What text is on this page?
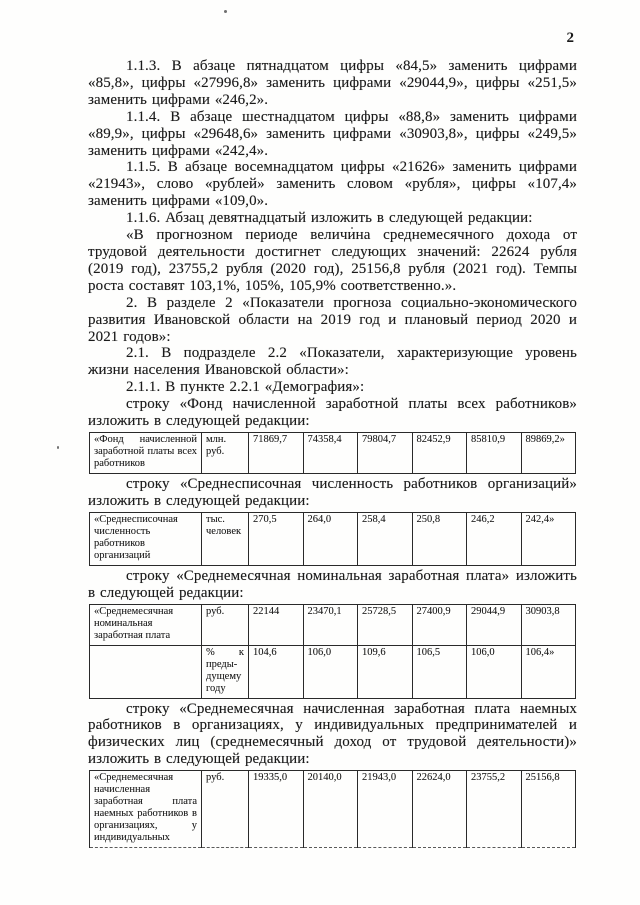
2

1.1.3. В абзаце пятнадцатом цифры «84,5» заменить цифрами «85,8», цифры «27996,8» заменить цифрами «29044,9», цифры «251,5» заменить цифрами «246,2».

1.1.4. В абзаце шестнадцатом цифры «88,8» заменить цифрами «89,9», цифры «29648,6» заменить цифрами «30903,8», цифры «249,5» заменить цифрами «242,4».

1.1.5. В абзаце восемнадцатом цифры «21626» заменить цифрами «21943», слово «рублей» заменить словом «рубля», цифры «107,4» заменить цифрами «109,0».

1.1.6. Абзац девятнадцатый изложить в следующей редакции:

«В прогнозном периоде величина среднемесячного дохода от трудовой деятельности достигнет следующих значений: 22624 рубля (2019 год), 23755,2 рубля (2020 год), 25156,8 рубля (2021 год). Темпы роста составят 103,1%, 105%, 105,9% соответственно.».

2. В разделе 2 «Показатели прогноза социально-экономического развития Ивановской области на 2019 год и плановый период 2020 и 2021 годов»:

2.1. В подразделе 2.2 «Показатели, характеризующие уровень жизни населения Ивановской области»:

2.1.1. В пункте 2.2.1 «Демография»:

строку «Фонд начисленной заработной платы всех работников» изложить в следующей редакции:

«Фонд начисленной заработной платы всех работников	млн. руб.	71869,7	74358,4	79804,7	82452,9	85810,9	89869,2»

строку «Среднесписочная численность работников организаций» изложить в следующей редакции:

«Среднесписочная численность работников организаций	тыс. человек	270,5	264,0	258,4	250,8	246,2	242,4»

строку «Среднемесячная номинальная заработная плата» изложить в следующей редакции:

«Среднемесячная номинальная заработная плата	руб.	22144	23470,1	25728,5	27400,9	29044,9	30903,8
	% к преды- дущему году	104,6	106,0	109,6	106,5	106,0	106,4»

строку «Среднемесячная начисленная заработная плата наемных работников в организациях, у индивидуальных предпринимателей и физических лиц (среднемесячный доход от трудовой деятельности)» изложить в следующей редакции:

«Среднемесячная начисленная заработная плата наемных работников в организациях, у индивидуальных	руб.	19335,0	20140,0	21943,0	22624,0	23755,2	25156,8
